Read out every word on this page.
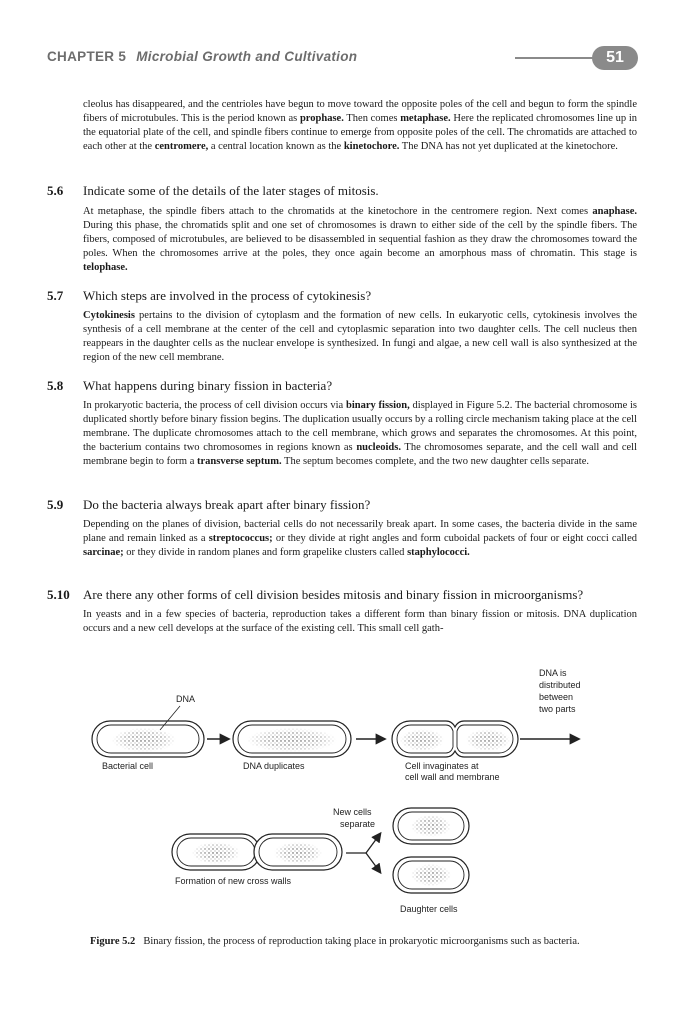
CHAPTER 5 Microbial Growth and Cultivation	51

cleolus has disappeared, and the centrioles have begun to move toward the opposite poles of the cell and begun to form the spindle fibers of microtubules. This is the period known as prophase. Then comes metaphase. Here the replicated chromosomes line up in the equatorial plate of the cell, and spindle fibers continue to emerge from opposite poles of the cell. The chromatids are attached to each other at the centromere, a central location known as the kinetochore. The DNA has not yet duplicated at the kinetochore.

5.6 Indicate some of the details of the later stages of mitosis.

At metaphase, the spindle fibers attach to the chromatids at the kinetochore in the centromere region. Next comes anaphase. During this phase, the chromatids split and one set of chromosomes is drawn to either side of the cell by the spindle fibers. The fibers, composed of microtubules, are believed to be disassembled in sequential fashion as they draw the chromosomes toward the poles. When the chromosomes arrive at the poles, they once again become an amorphous mass of chromatin. This stage is telophase.

5.7 Which steps are involved in the process of cytokinesis?

Cytokinesis pertains to the division of cytoplasm and the formation of new cells. In eukaryotic cells, cytokinesis involves the synthesis of a cell membrane at the center of the cell and cytoplasmic separation into two daughter cells. The cell nucleus then reappears in the daughter cells as the nuclear envelope is synthesized. In fungi and algae, a new cell wall is also synthesized at the region of the new cell membrane.

5.8 What happens during binary fission in bacteria?

In prokaryotic bacteria, the process of cell division occurs via binary fission, displayed in Figure 5.2. The bacterial chromosome is duplicated shortly before binary fission begins. The duplication usually occurs by a rolling circle mechanism taking place at the cell membrane. The duplicate chromosomes attach to the cell membrane, which grows and separates the chromosomes. At this point, the bacterium contains two chromosomes in regions known as nucleoids. The chromosomes separate, and the cell wall and cell membrane begin to form a transverse septum. The septum becomes complete, and the two new daughter cells separate.

5.9 Do the bacteria always break apart after binary fission?

Depending on the planes of division, bacterial cells do not necessarily break apart. In some cases, the bacteria divide in the same plane and remain linked as a streptococcus; or they divide at right angles and form cuboidal packets of four or eight cocci called sarcinae; or they divide in random planes and form grapelike clusters called staphylococci.

5.10 Are there any other forms of cell division besides mitosis and binary fission in microorganisms?

In yeasts and in a few species of bacteria, reproduction takes a different form than binary fission or mitosis. DNA duplication occurs and a new cell develops at the surface of the existing cell. This small cell gath-

DNA
DNA is
distributed
between
two parts
Bacterial cell	DNA duplicates	Cell invaginates at
cell wall and membrane
New cells
separate
Formation of new cross walls
Daughter cells
Figure 5.2 Binary fission, the process of reproduction taking place in prokaryotic microorganisms such as bacteria.
